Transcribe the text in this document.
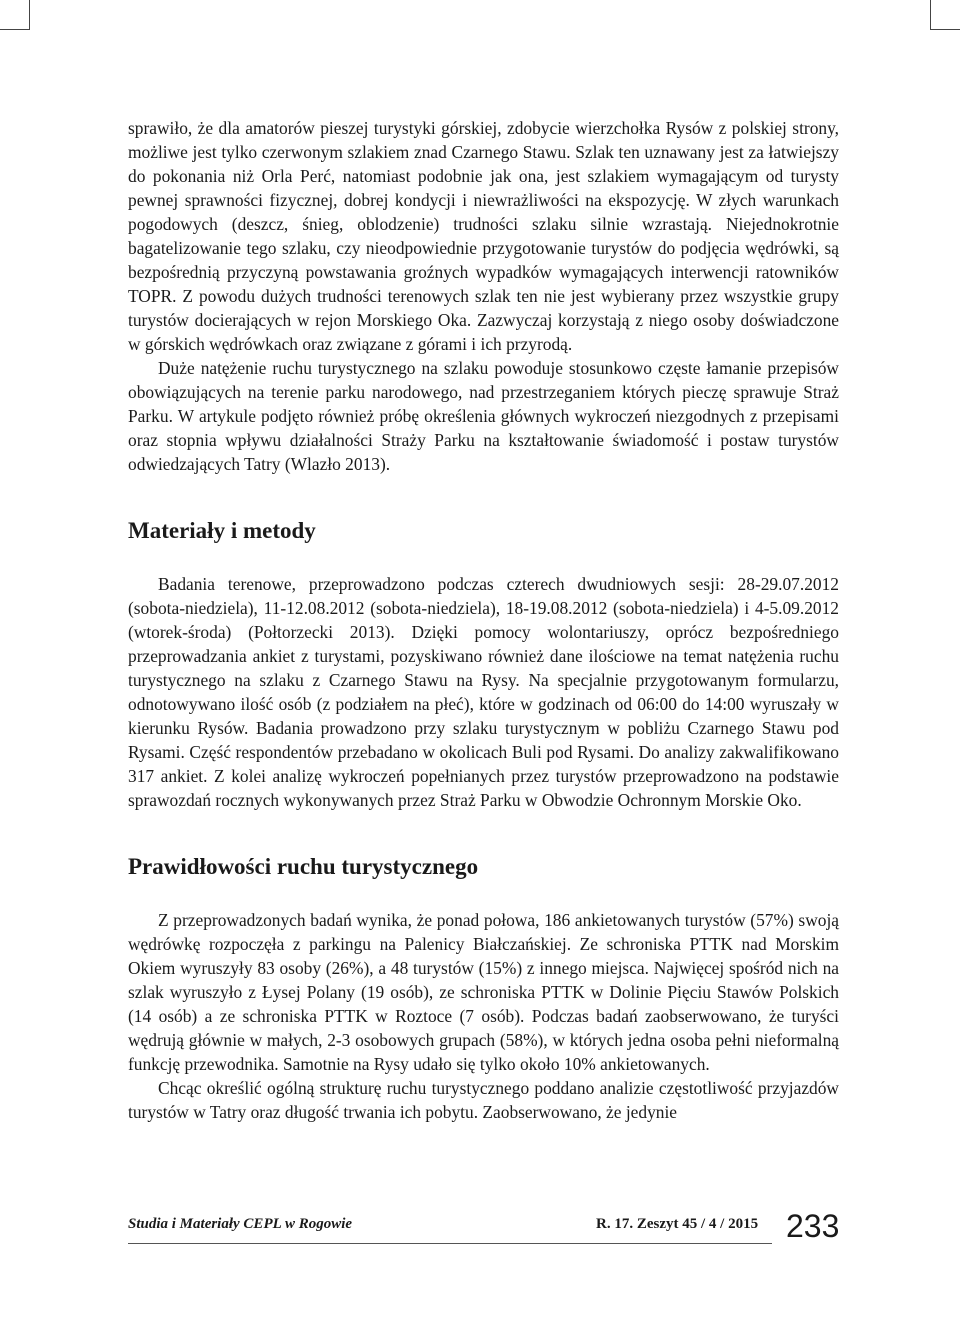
sprawiło, że dla amatorów pieszej turystyki górskiej, zdobycie wierzchołka Rysów z polskiej strony, możliwe jest tylko czerwonym szlakiem znad Czarnego Stawu. Szlak ten uznawany jest za łatwiejszy do pokonania niż Orla Perć, natomiast podobnie jak ona, jest szlakiem wymagającym od turysty pewnej sprawności fizycznej, dobrej kondycji i niewrażliwości na ekspozycję. W złych warunkach pogodowych (deszcz, śnieg, oblodzenie) trudności szlaku silnie wzrastają. Niejednokrotnie bagatelizowanie tego szlaku, czy nieodpowiednie przygotowanie turystów do podjęcia wędrówki, są bezpośrednią przyczyną powstawania groźnych wypadków wymagających interwencji ratowników TOPR. Z powodu dużych trudności terenowych szlak ten nie jest wybierany przez wszystkie grupy turystów docierających w rejon Morskiego Oka. Zazwyczaj korzystają z niego osoby doświadczone w górskich wędrówkach oraz związane z górami i ich przyrodą.

Duże natężenie ruchu turystycznego na szlaku powoduje stosunkowo częste łamanie przepisów obowiązujących na terenie parku narodowego, nad przestrzeganiem których pieczę sprawuje Straż Parku. W artykule podjęto również próbę określenia głównych wykroczeń niezgodnych z przepisami oraz stopnia wpływu działalności Straży Parku na kształtowanie świadomość i postaw turystów odwiedzających Tatry (Wlazło 2013).

Materiały i metody

Badania terenowe, przeprowadzono podczas czterech dwudniowych sesji: 28-29.07.2012 (sobota-niedziela), 11-12.08.2012 (sobota-niedziela), 18-19.08.2012 (sobota-niedziela) i 4-5.09.2012 (wtorek-środa) (Połtorzecki 2013). Dzięki pomocy wolontariuszy, oprócz bezpośredniego przeprowadzania ankiet z turystami, pozyskiwano również dane ilościowe na temat natężenia ruchu turystycznego na szlaku z Czarnego Stawu na Rysy. Na specjalnie przygotowanym formularzu, odnotowywano ilość osób (z podziałem na płeć), które w godzinach od 06:00 do 14:00 wyruszały w kierunku Rysów. Badania prowadzono przy szlaku turystycznym w pobliżu Czarnego Stawu pod Rysami. Część respondentów przebadano w okolicach Buli pod Rysami. Do analizy zakwalifikowano 317 ankiet. Z kolei analizę wykroczeń popełnianych przez turystów przeprowadzono na podstawie sprawozdań rocznych wykonywanych przez Straż Parku w Obwodzie Ochronnym Morskie Oko.

Prawidłowości ruchu turystycznego

Z przeprowadzonych badań wynika, że ponad połowa, 186 ankietowanych turystów (57%) swoją wędrówkę rozpoczęła z parkingu na Palenicy Białczańskiej. Ze schroniska PTTK nad Morskim Okiem wyruszyły 83 osoby (26%), a 48 turystów (15%) z innego miejsca. Najwięcej spośród nich na szlak wyruszyło z Łysej Polany (19 osób), ze schroniska PTTK w Dolinie Pięciu Stawów Polskich (14 osób) a ze schroniska PTTK w Roztoce (7 osób). Podczas badań zaobserwowano, że turyści wędrują głównie w małych, 2-3 osobowych grupach (58%), w których jedna osoba pełni nieformalną funkcję przewodnika. Samotnie na Rysy udało się tylko około 10% ankietowanych.

Chcąc określić ogólną strukturę ruchu turystycznego poddano analizie częstotliwość przyjazdów turystów w Tatry oraz długość trwania ich pobytu. Zaobserwowano, że jedynie

Studia i Materiały CEPL w Rogowie	R. 17. Zeszyt 45 / 4 / 2015 233
